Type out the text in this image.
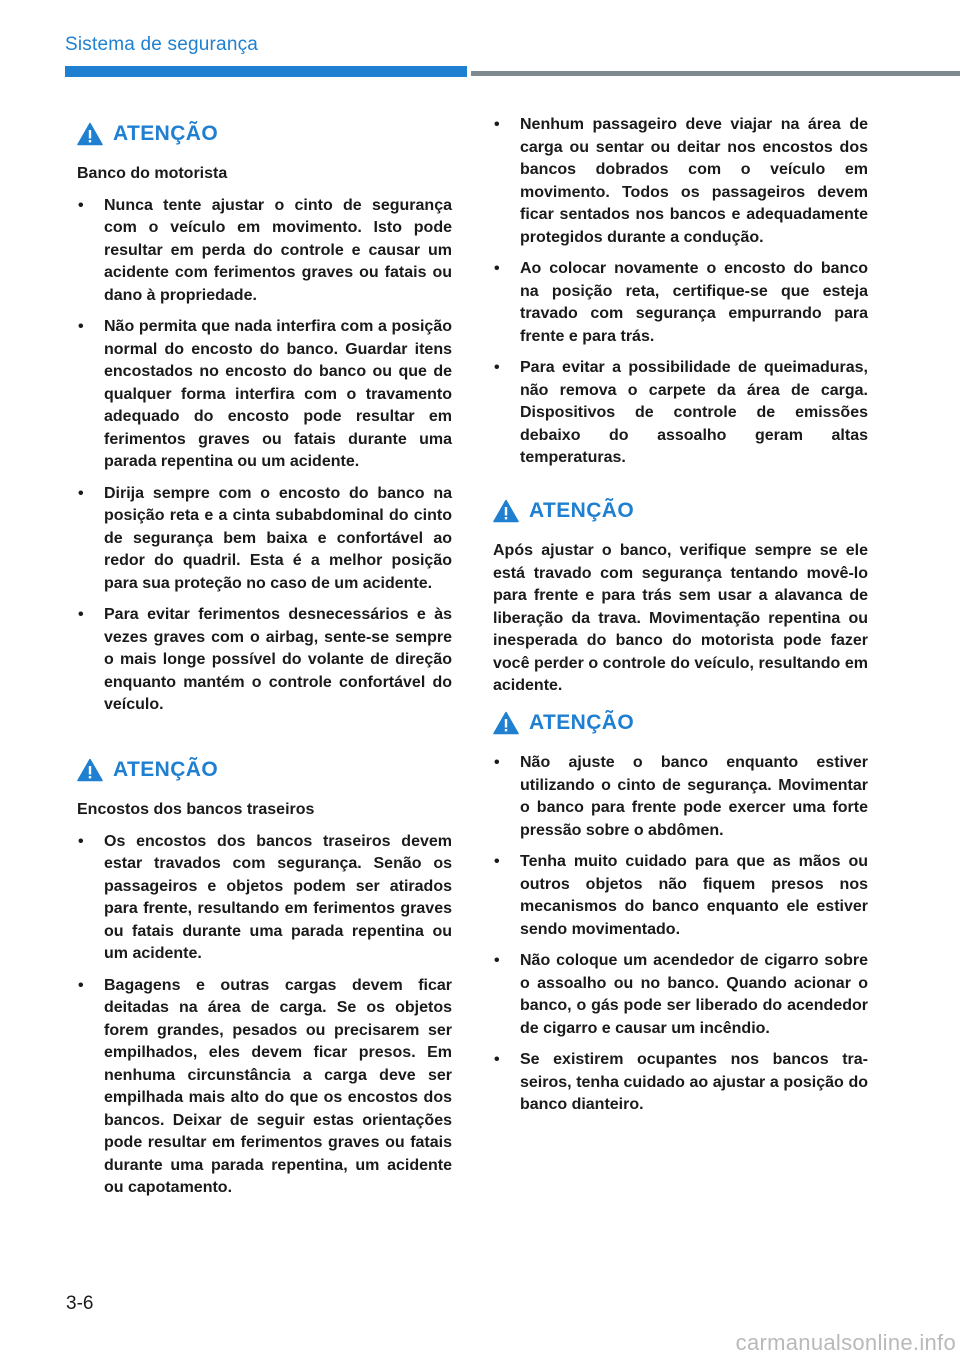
Sistema de segurança
ATENÇÃO

Banco do motorista

• Nunca tente ajustar o cinto de segurança com o veículo em movimento. Isto pode resultar em perda do controle e causar um acidente com ferimentos graves ou fatais ou dano à propriedade.
• Não permita que nada interfira com a posição normal do encosto do banco. Guardar itens encostados no encosto do banco ou que de qualquer forma interfira com o travamento adequado do encosto pode resultar em ferimentos graves ou fatais durante uma parada repentina ou um acidente.
• Dirija sempre com o encosto do banco na posição reta e a cinta subabdominal do cinto de segurança bem baixa e confortável ao redor do quadril. Esta é a melhor posição para sua proteção no caso de um acidente.
• Para evitar ferimentos desnecessários e às vezes graves com o airbag, sente-se sempre o mais longe possível do volante de direção enquanto mantém o controle confortável do veículo.
ATENÇÃO

Encostos dos bancos traseiros

• Os encostos dos bancos traseiros devem estar travados com segurança. Senão os passageiros e objetos podem ser atirados para frente, resultando em ferimentos graves ou fatais durante uma parada repentina ou um acidente.
• Bagagens e outras cargas devem ficar deitadas na área de carga. Se os objetos forem grandes, pesados ou precisarem ser empilhados, eles devem ficar presos. Em nenhuma circunstância a carga deve ser empilhada mais alto do que os encostos dos bancos. Deixar de seguir estas orientações pode resultar em ferimentos graves ou fatais durante uma parada repentina, um acidente ou capotamento.
• Nenhum passageiro deve viajar na área de carga ou sentar ou deitar nos encostos dos bancos dobrados com o veículo em movimento. Todos os passageiros devem ficar sentados nos bancos e adequadamente protegidos durante a condução.
• Ao colocar novamente o encosto do banco na posição reta, certifique-se que esteja travado com segurança empurrando para frente e para trás.
• Para evitar a possibilidade de queimaduras, não remova o carpete da área de carga. Dispositivos de controle de emissões debaixo do assoalho geram altas temperaturas.
ATENÇÃO

Após ajustar o banco, verifique sempre se ele está travado com segurança tentando movê-lo para frente e para trás sem usar a alavanca de liberação da trava. Movimentação repentina ou inesperada do banco do motorista pode fazer você perder o controle do veículo, resultando em acidente.

ATENÇÃO
• Não ajuste o banco enquanto estiver utilizando o cinto de segurança. Movimentar o banco para frente pode exercer uma forte pressão sobre o abdômen.
• Tenha muito cuidado para que as mãos ou outros objetos não fiquem presos nos mecanismos do banco enquanto ele estiver sendo movimentado.
• Não coloque um acendedor de cigarro sobre o assoalho ou no banco. Quando acionar o banco, o gás pode ser liberado do acendedor de cigarro e causar um incêndio.
• Se existirem ocupantes nos bancos traseiros, tenha cuidado ao ajustar a posição do banco dianteiro.
3-6
carmanualsonline.info
